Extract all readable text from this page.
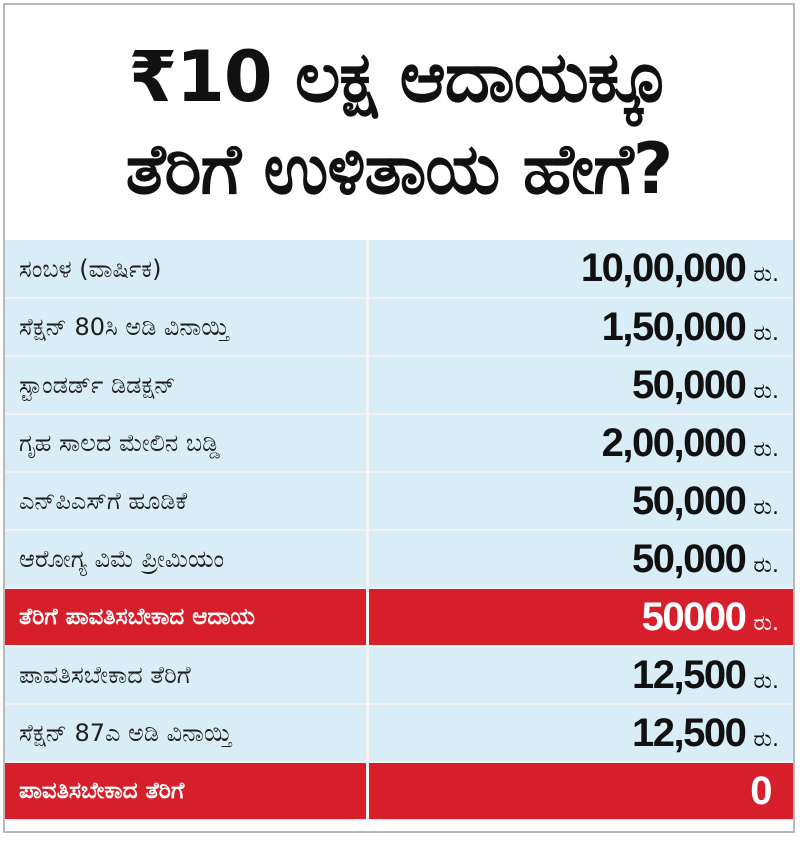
₹10 ಲಕ್ಷ ಆದಾಯಕ್ಕೂ
ತೆರಿಗೆ ಉಳಿತಾಯ ಹೇಗೆ?
ಸಂಬಳ (ವಾರ್ಷಿಕ)	10,00,000 ರು.
ಸೆಕ್ಷನ್ 80ಸಿ ಅಡಿ ವಿನಾಯ್ತಿ	1,50,000 ರು.
ಸ್ಟಾಂಡರ್ಡ್ ಡಿಡಕ್ಷನ್	50,000 ರು.
ಗೃಹ ಸಾಲದ ಮೇಲಿನ ಬಡ್ಡಿ	2,00,000 ರು.
ಎನ್‌ಪಿಎಸ್‌ಗೆ ಹೂಡಿಕೆ	50,000 ರು.
ಆರೋಗ್ಯ ವಿಮೆ ಪ್ರೀಮಿಯಂ	50,000 ರು.
ತೆರಿಗೆ ಪಾವತಿಸಬೇಕಾದ ಆದಾಯ	50000 ರು.
ಪಾವತಿಸಬೇಕಾದ ತೆರಿಗೆ	12,500 ರು.
ಸೆಕ್ಷನ್ 87ಎ ಅಡಿ ವಿನಾಯ್ತಿ	12,500 ರು.
ಪಾವತಿಸಬೇಕಾದ ತೆರಿಗೆ	0
